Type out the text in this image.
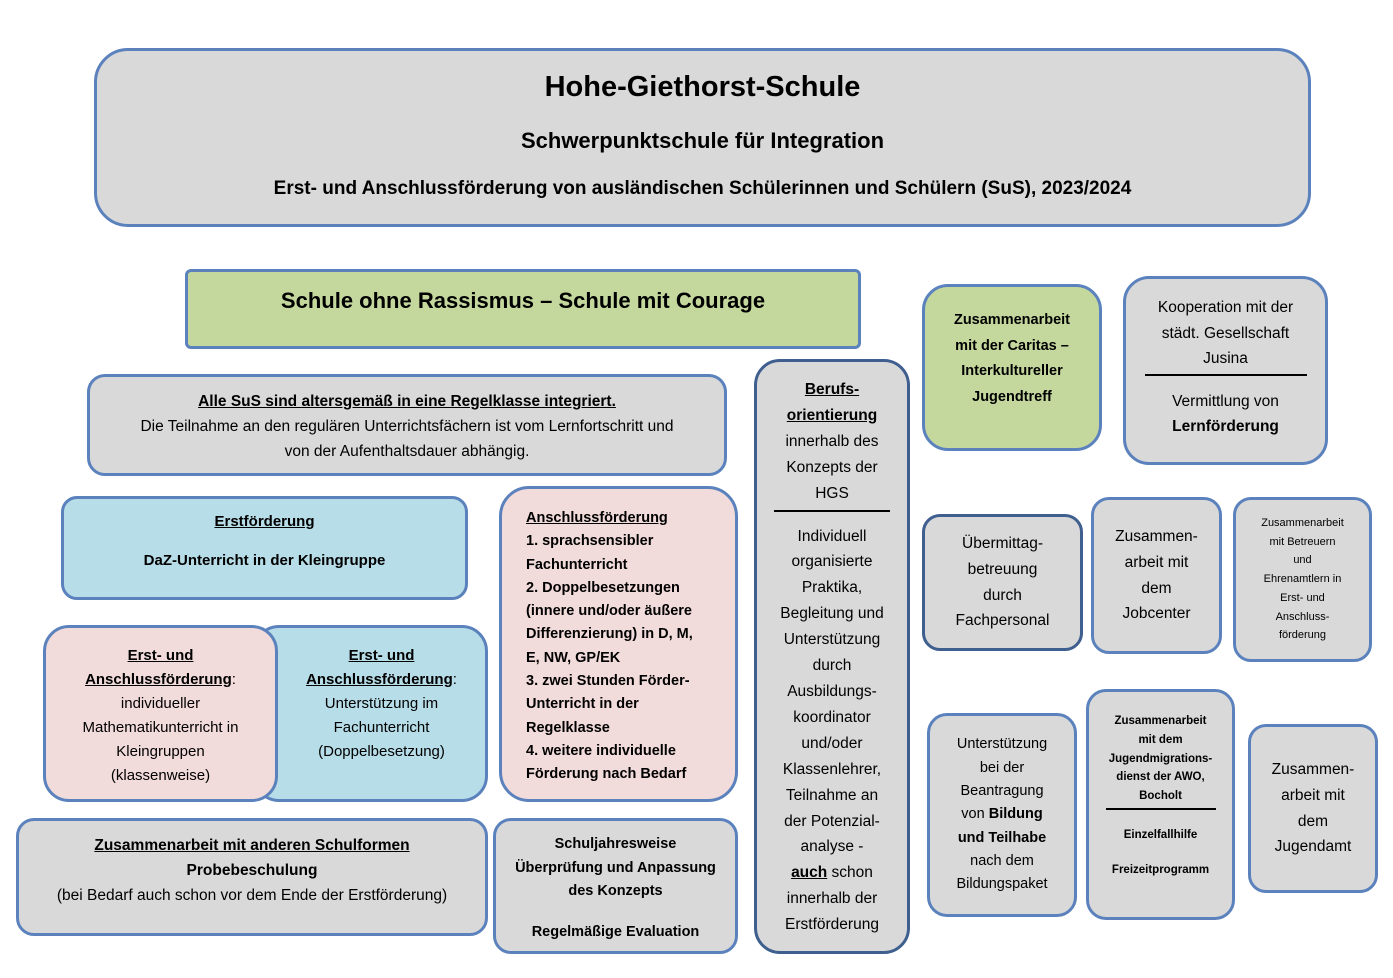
Hohe-Giethorst-Schule

Schwerpunktschule für Integration

Erst- und Anschlussförderung von ausländischen Schülerinnen und Schülern (SuS), 2023/2024

Schule ohne Rassismus – Schule mit Courage

Alle SuS sind altersgemäß in eine Regelklasse integriert.

Die Teilnahme an den regulären Unterrichtsfächern ist vom Lernfortschritt und

von der Aufenthaltsdauer abhängig.

Erstförderung

DaZ-Unterricht in der Kleingruppe

Erst- und

Anschlussförderung:

Unterstützung im

Fachunterricht

(Doppelbesetzung)

Erst- und

Anschlussförderung:

individueller

Mathematikunterricht in

Kleingruppen

(klassenweise)

Anschlussförderung

1. sprachsensibler

Fachunterricht

2. Doppelbesetzungen

(innere und/oder äußere

Differenzierung) in D, M,

E, NW, GP/EK

3. zwei Stunden Förder-

Unterricht in der

Regelklasse

4. weitere individuelle

Förderung nach Bedarf

Zusammenarbeit mit anderen Schulformen

Probebeschulung

(bei Bedarf auch schon vor dem Ende der Erstförderung)

Schuljahresweise

Überprüfung und Anpassung

des Konzepts

Regelmäßige Evaluation

Berufs-

orientierung

innerhalb des

Konzepts der

HGS

Individuell

organisierte

Praktika,

Begleitung und

Unterstützung

durch

Ausbildungs-

koordinator

und/oder

Klassenlehrer,

Teilnahme an

der Potenzial-

analyse -

auch schon

innerhalb der

Erstförderung

Zusammenarbeit

mit der Caritas –

Interkultureller

Jugendtreff

Kooperation mit der

städt. Gesellschaft

Jusina

Vermittlung von

Lernförderung

Übermittag-

betreuung

durch

Fachpersonal

Zusammen-

arbeit mit

dem

Jobcenter

Zusammenarbeit

mit Betreuern

und

Ehrenamtlern in

Erst- und

Anschluss-

förderung

Unterstützung

bei der

Beantragung

von Bildung

und Teilhabe

nach dem

Bildungspaket

Zusammenarbeit

mit dem

Jugendmigrations-

dienst der AWO,

Bocholt

Einzelfallhilfe

Freizeitprogramm

Zusammen-

arbeit mit

dem

Jugendamt
